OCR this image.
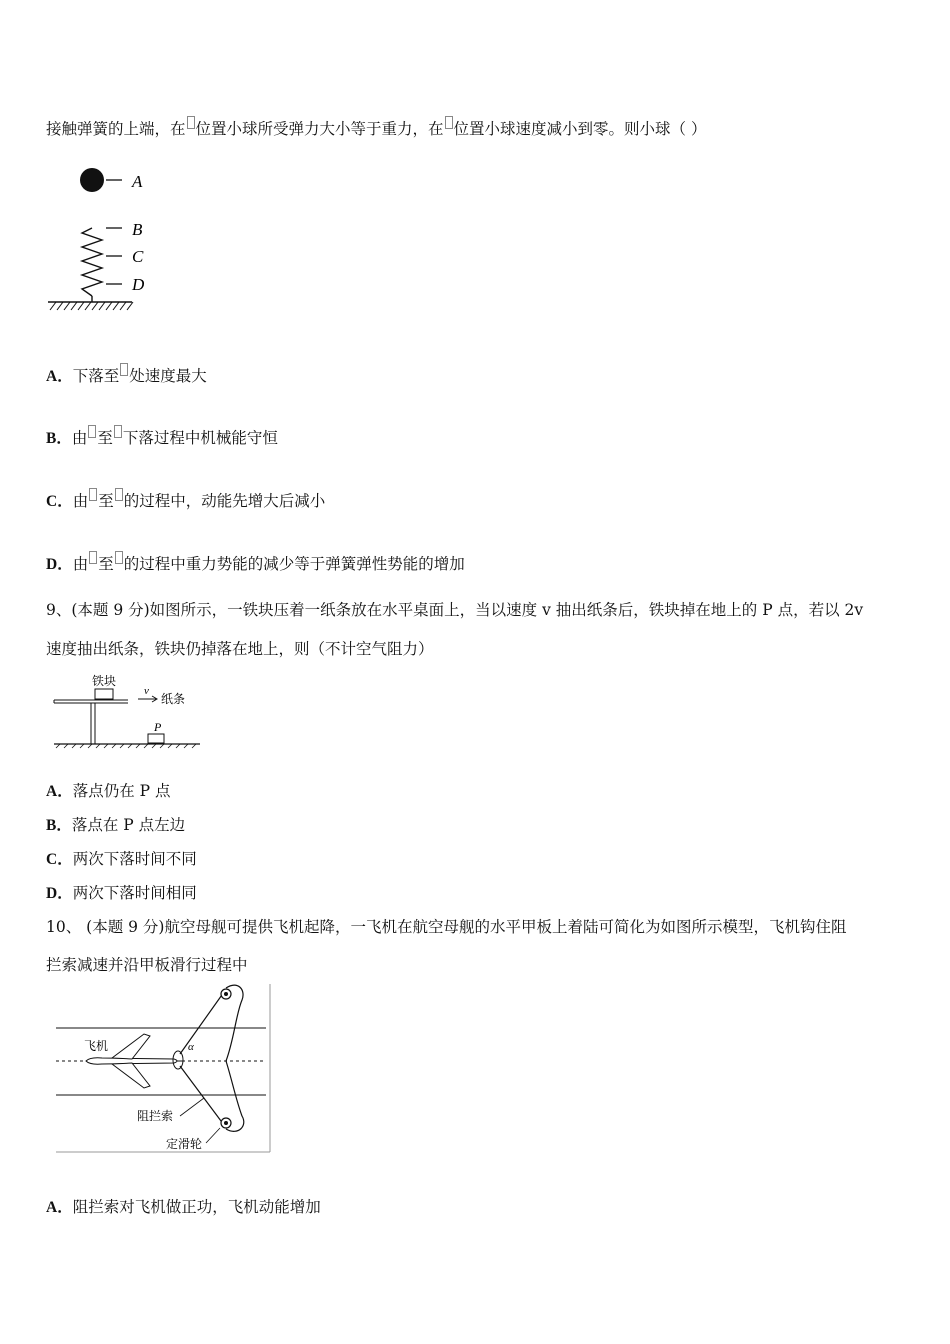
接触弹簧的上端，在 位置小球所受弹力大小等于重力，在 位置小球速度减小到零。则小球（ ）
A
B
C
D
A．下落至 处速度最大
B．由 至 下落过程中机械能守恒
C．由 至 的过程中，动能先增大后减小
D．由 至 的过程中重力势能的减少等于弹簧弹性势能的增加
9、(本题 9 分)如图所示，一铁块压着一纸条放在水平桌面上，当以速度 v 抽出纸条后，铁块掉在地上的 P 点，若以 2v
速度抽出纸条，铁块仍掉落在地上，则（不计空气阻力）
铁块
v
纸条
P
A．落点仍在 P 点
B．落点在 P 点左边
C．两次下落时间不同
D．两次下落时间相同
10、 (本题 9 分)航空母舰可提供飞机起降，一飞机在航空母舰的水平甲板上着陆可简化为如图所示模型，飞机钩住阻
拦索减速并沿甲板滑行过程中
飞机	α
阻拦索
定滑轮
A．阻拦索对飞机做正功，飞机动能增加
